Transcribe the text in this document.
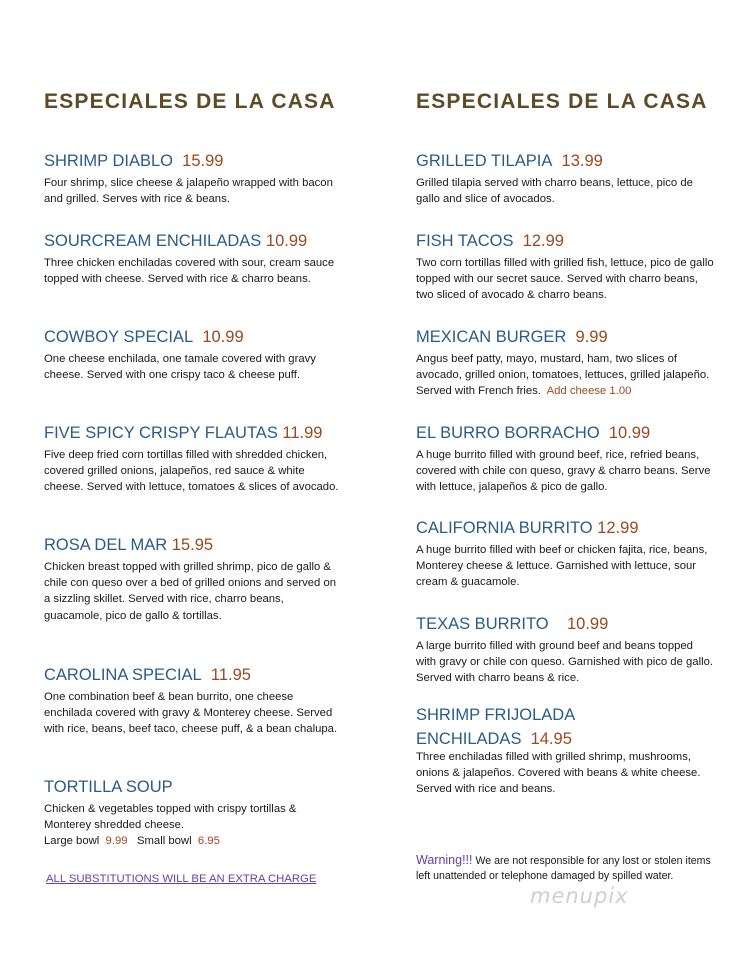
ESPECIALES DE LA CASA
SHRIMP DIABLO 15.99
Four shrimp, slice cheese & jalapeño wrapped with bacon and grilled. Serves with rice & beans.
SOURCREAM ENCHILADAS 10.99
Three chicken enchiladas covered with sour, cream sauce topped with cheese. Served with rice & charro beans.
COWBOY SPECIAL 10.99
One cheese enchilada, one tamale covered with gravy cheese. Served with one crispy taco & cheese puff.
FIVE SPICY CRISPY FLAUTAS 11.99
Five deep fried corn tortillas filled with shredded chicken, covered grilled onions, jalapeños, red sauce & white cheese. Served with lettuce, tomatoes & slices of avocado.
ROSA DEL MAR 15.95
Chicken breast topped with grilled shrimp, pico de gallo & chile con queso over a bed of grilled onions and served on a sizzling skillet. Served with rice, charro beans, guacamole, pico de gallo & tortillas.
CAROLINA SPECIAL 11.95
One combination beef & bean burrito, one cheese enchilada covered with gravy & Monterey cheese. Served with rice, beans, beef taco, cheese puff, & a bean chalupa.
TORTILLA SOUP
Chicken & vegetables topped with crispy tortillas & Monterey shredded cheese.
Large bowl 9.99 Small bowl 6.95
ESPECIALES DE LA CASA
GRILLED TILAPIA 13.99
Grilled tilapia served with charro beans, lettuce, pico de gallo and slice of avocados.
FISH TACOS 12.99
Two corn tortillas filled with grilled fish, lettuce, pico de gallo topped with our secret sauce. Served with charro beans, two sliced of avocado & charro beans.
MEXICAN BURGER 9.99
Angus beef patty, mayo, mustard, ham, two slices of avocado, grilled onion, tomatoes, lettuces, grilled jalapeño. Served with French fries. Add cheese 1.00
EL BURRO BORRACHO 10.99
A huge burrito filled with ground beef, rice, refried beans, covered with chile con queso, gravy & charro beans. Serve with lettuce, jalapeños & pico de gallo.
CALIFORNIA BURRITO 12.99
A huge burrito filled with beef or chicken fajita, rice, beans, Monterey cheese & lettuce. Garnished with lettuce, sour cream & guacamole.
TEXAS BURRITO 10.99
A large burrito filled with ground beef and beans topped with gravy or chile con queso. Garnished with pico de gallo. Served with charro beans & rice.
SHRIMP FRIJOLADA
ENCHILADAS 14.95
Three enchiladas filled with grilled shrimp, mushrooms, onions & jalapeños. Covered with beans & white cheese. Served with rice and beans.
ALL SUBSTITUTIONS WILL BE AN EXTRA CHARGE
Warning!!! We are not responsible for any lost or stolen items left unattended or telephone damaged by spilled water.
menupix
